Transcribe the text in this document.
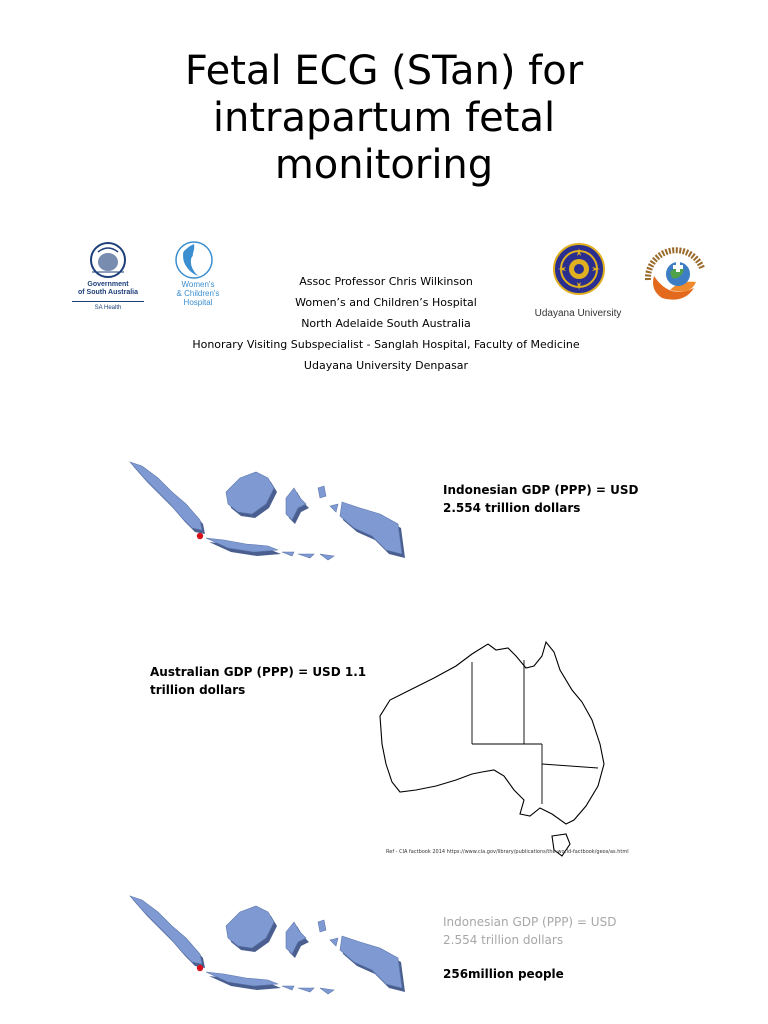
Fetal ECG (STan) for
intrapartum fetal
monitoring
Government
of South Australia
SA Health
Women's
& Children's
Hospital
Assoc Professor Chris Wilkinson
Women’s and Children’s Hospital
North Adelaide South Australia
Honorary Visiting Subspecialist - Sanglah Hospital, Faculty of Medicine
Udayana University Denpasar
Udayana University
Indonesian GDP (PPP) = USD
2.554 trillion dollars
Australian GDP (PPP) = USD 1.1
trillion dollars
Ref - CIA factbook 2014 https://www.cia.gov/library/publications/the-world-factbook/geos/as.html
Indonesian GDP (PPP) = USD
2.554 trillion dollars
256million people
